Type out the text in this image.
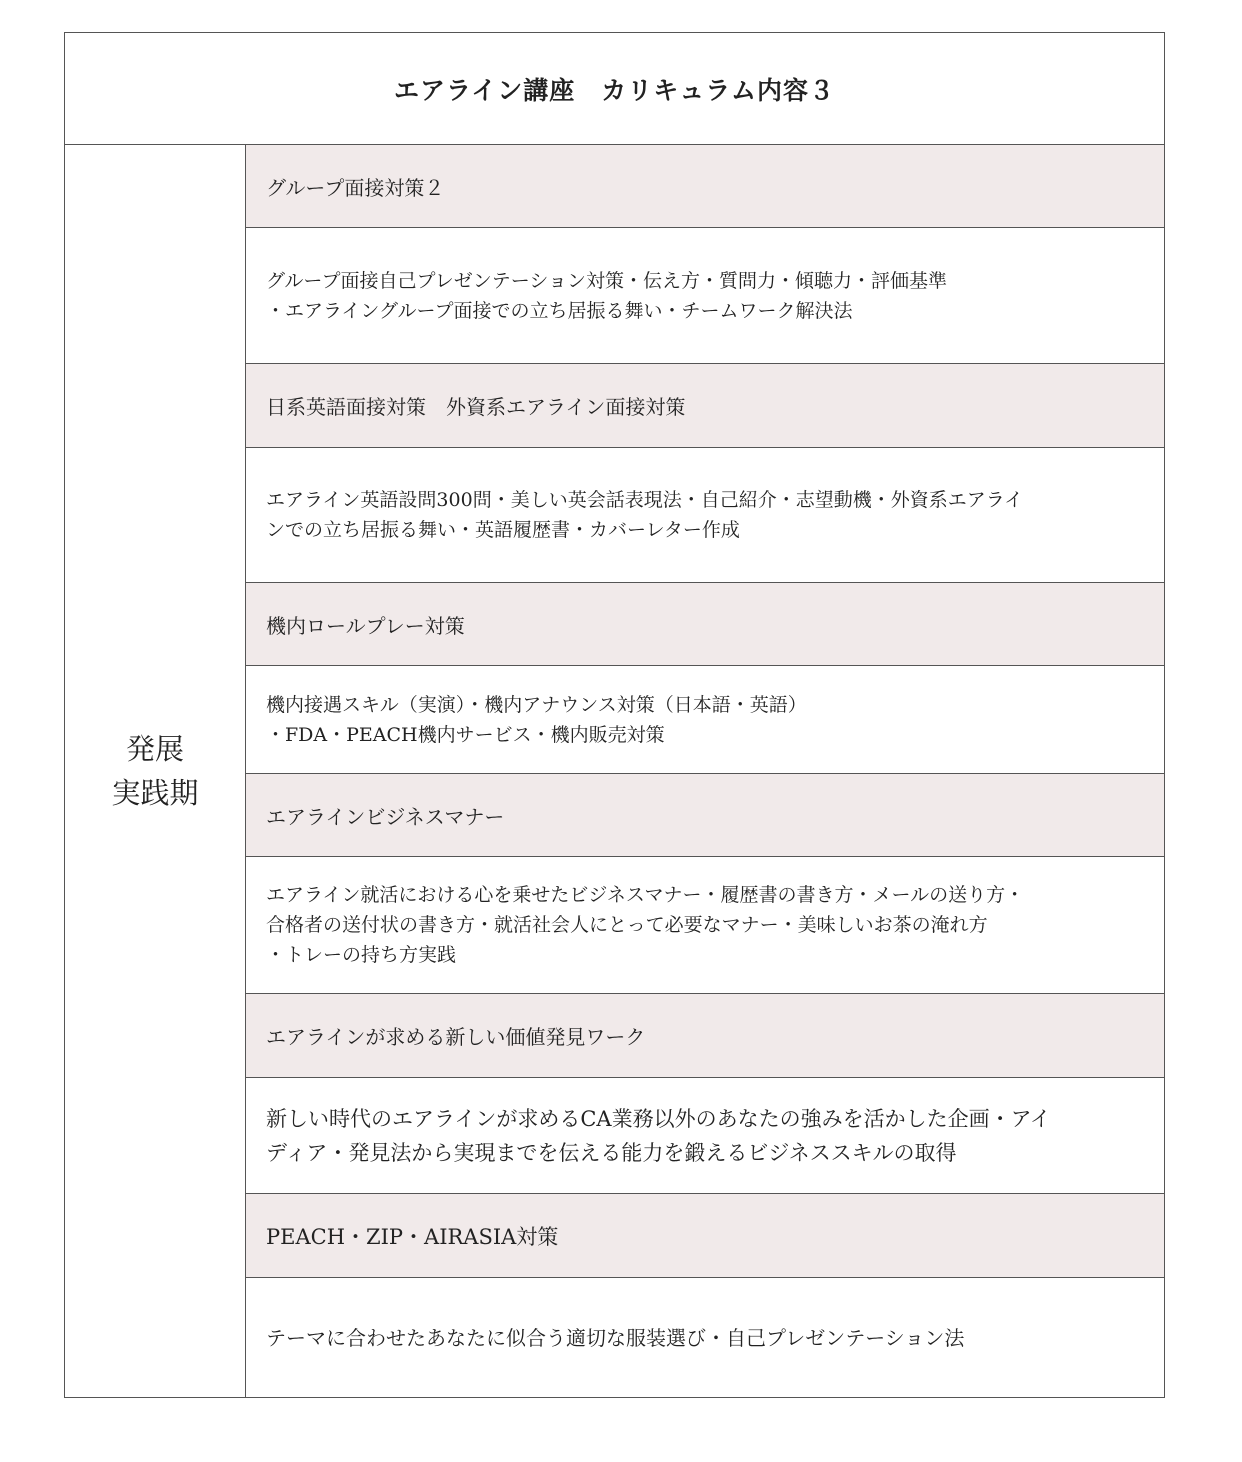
エアライン講座　カリキュラム内容３
発展
実践期
グループ面接対策２
グループ面接自己プレゼンテーション対策・伝え方・質問力・傾聴力・評価基準
・エアライングループ面接での立ち居振る舞い・チームワーク解決法
日系英語面接対策　外資系エアライン面接対策
エアライン英語設問300問・美しい英会話表現法・自己紹介・志望動機・外資系エアライ
ンでの立ち居振る舞い・英語履歴書・カバーレター作成
機内ロールプレー対策
機内接遇スキル（実演）・機内アナウンス対策（日本語・英語）
・FDA・PEACH機内サービス・機内販売対策
エアラインビジネスマナー
エアライン就活における心を乗せたビジネスマナー・履歴書の書き方・メールの送り方・
合格者の送付状の書き方・就活社会人にとって必要なマナー・美味しいお茶の淹れ方
・トレーの持ち方実践
エアラインが求める新しい価値発見ワーク
新しい時代のエアラインが求めるCA業務以外のあなたの強みを活かした企画・アイ
ディア・発見法から実現までを伝える能力を鍛えるビジネススキルの取得
PEACH・ZIP・AIRASIA対策
テーマに合わせたあなたに似合う適切な服装選び・自己プレゼンテーション法
